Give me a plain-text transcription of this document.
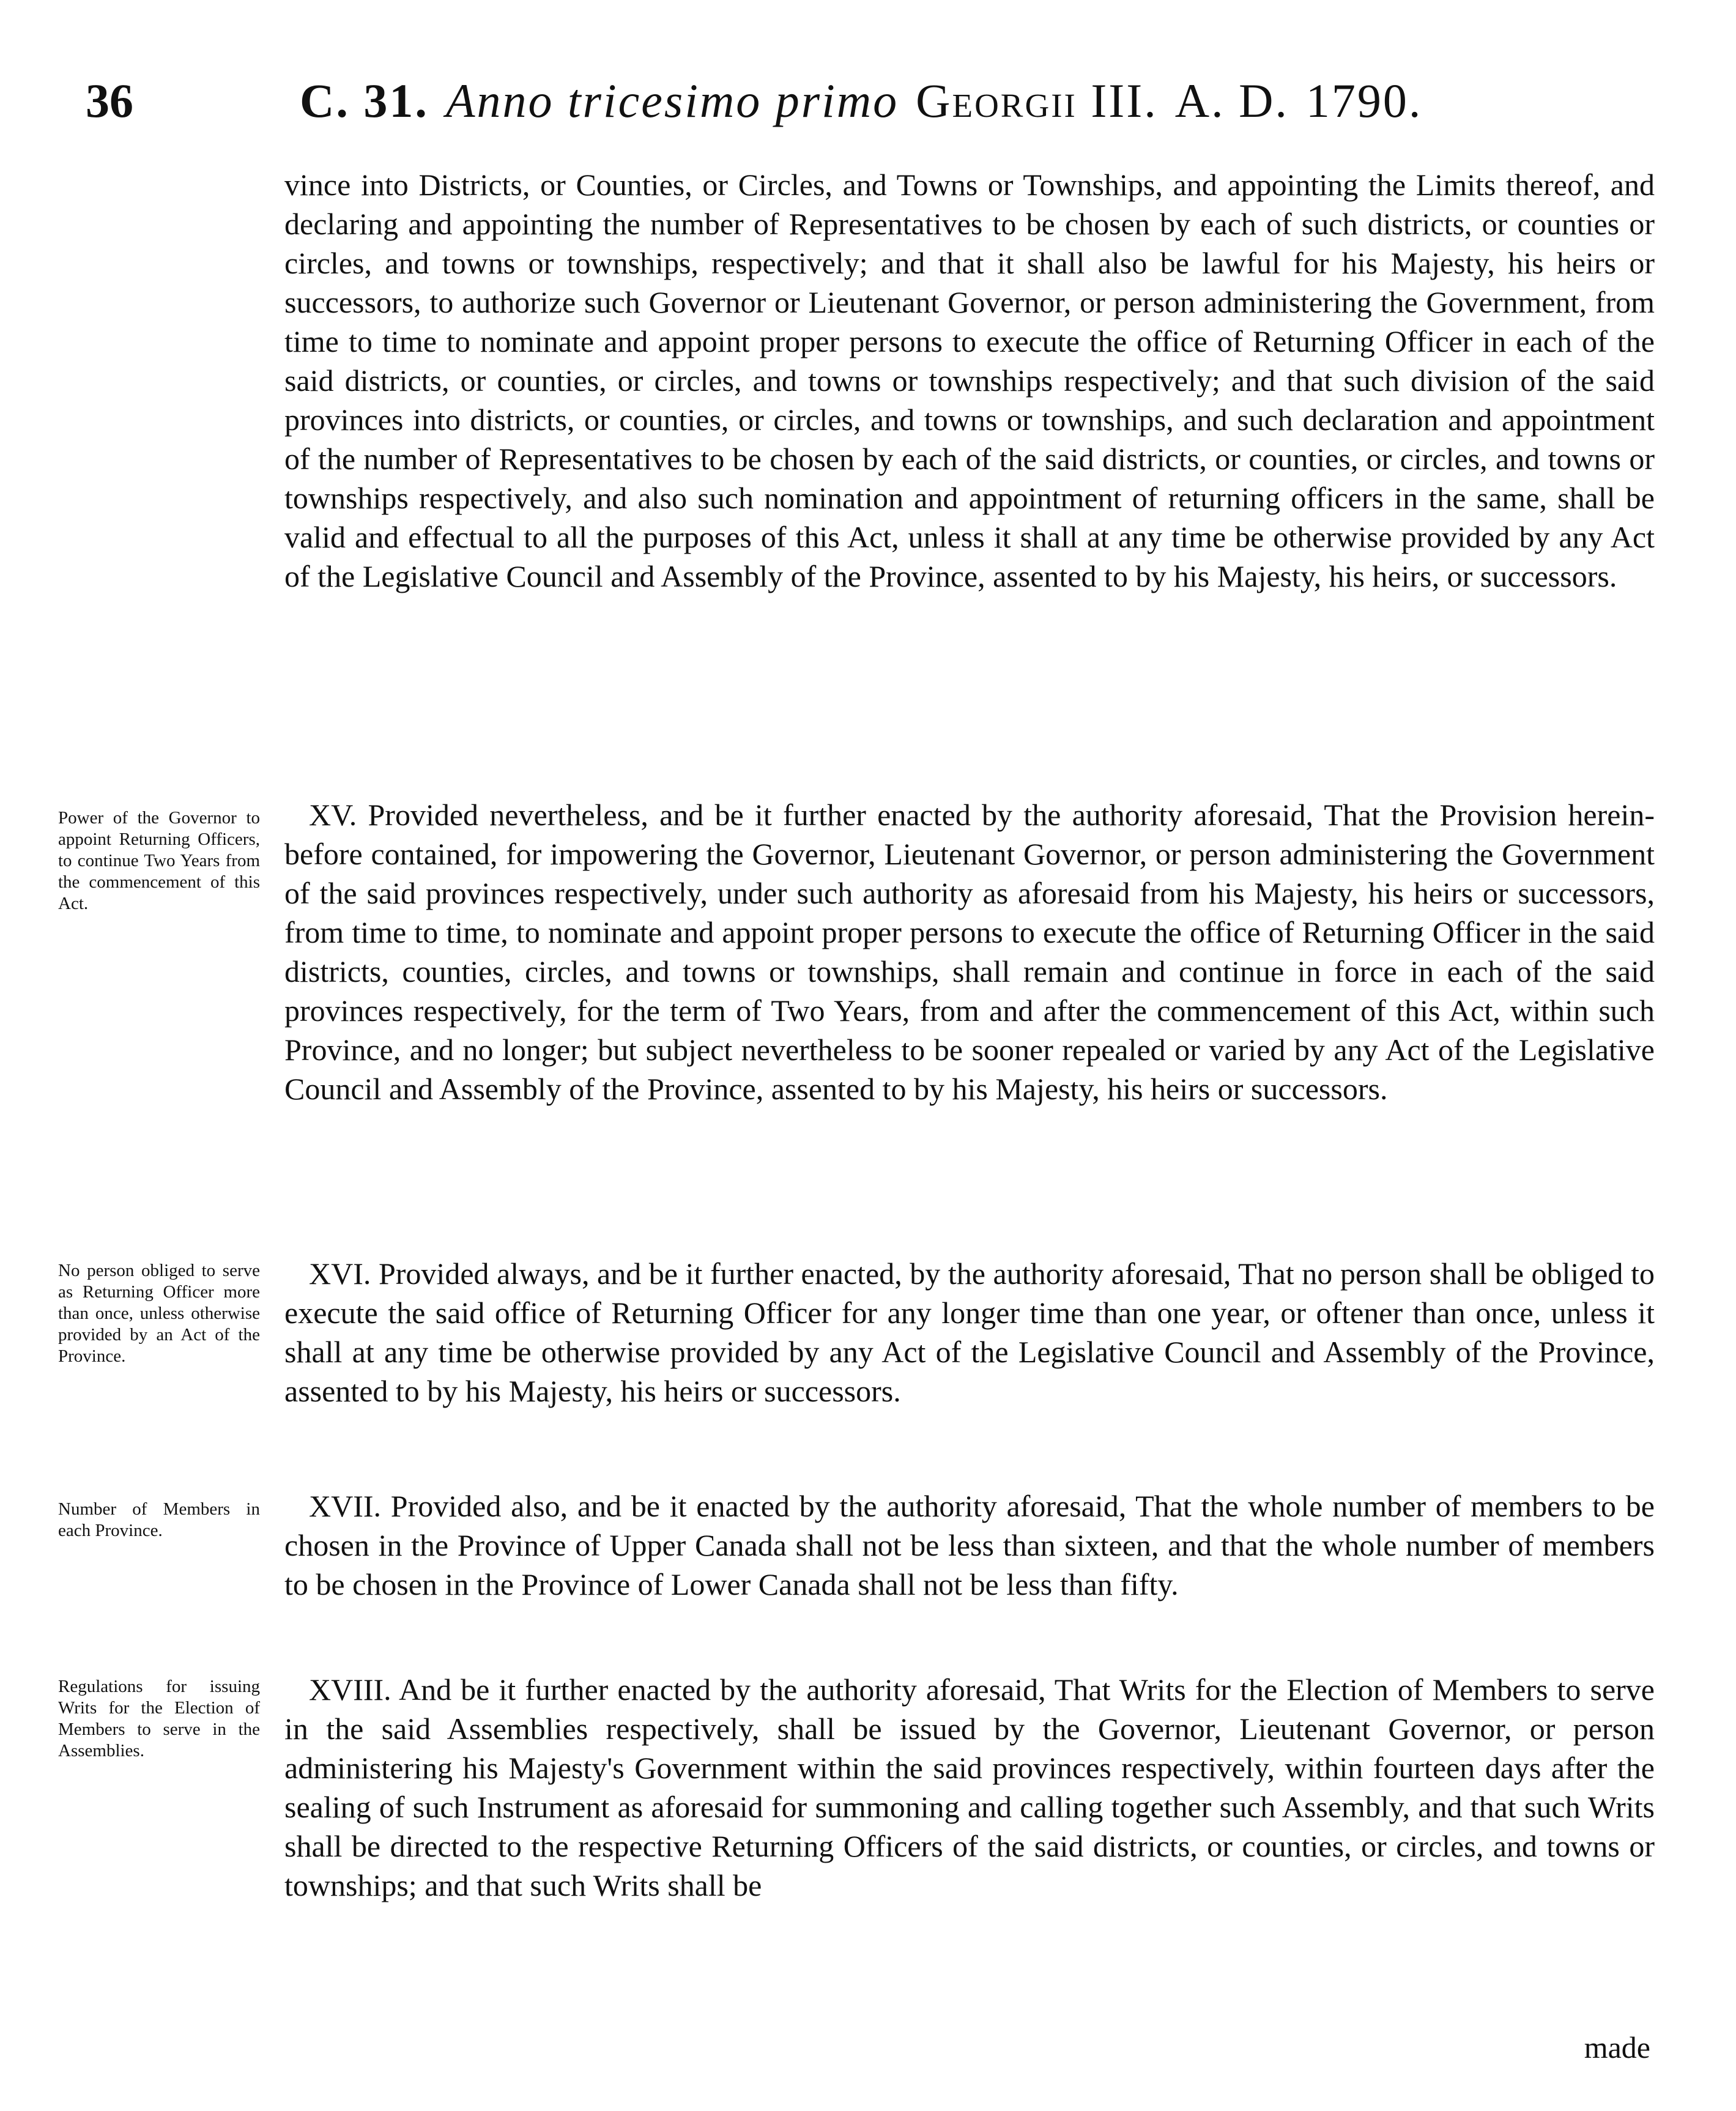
36	C. 31. Anno tricesimo primo Georgii III. A. D. 1790.

vince into Districts, or Counties, or Circles, and Towns or Townships, and appointing the Limits thereof, and declaring and appointing the number of Representatives to be chosen by each of such districts, or counties or circles, and towns or townships, respectively; and that it shall also be lawful for his Majesty, his heirs or successors, to authorize such Governor or Lieutenant Governor, or person administering the Government, from time to time to nominate and appoint proper persons to execute the office of Returning Officer in each of the said districts, or counties, or circles, and towns or townships respectively; and that such division of the said provinces into districts, or counties, or circles, and towns or townships, and such declaration and appointment of the number of Representatives to be chosen by each of the said districts, or counties, or circles, and towns or townships respectively, and also such nomination and appointment of returning officers in the same, shall be valid and effectual to all the purposes of this Act, unless it shall at any time be otherwise provided by any Act of the Legislative Council and Assembly of the Province, assented to by his Majesty, his heirs, or successors.

Power of the Governor to appoint Returning Officers, to continue Two Years from the commencement of this Act.

XV. Provided nevertheless, and be it further enacted by the authority aforesaid, That the Provision herein-before contained, for impowering the Governor, Lieutenant Governor, or person administering the Government of the said provinces respectively, under such authority as aforesaid from his Majesty, his heirs or successors, from time to time, to nominate and appoint proper persons to execute the office of Returning Officer in the said districts, counties, circles, and towns or townships, shall remain and continue in force in each of the said provinces respectively, for the term of Two Years, from and after the commencement of this Act, within such Province, and no longer; but subject nevertheless to be sooner repealed or varied by any Act of the Legislative Council and Assembly of the Province, assented to by his Majesty, his heirs or successors.

No person obliged to serve as Returning Officer more than once, unless otherwise provided by an Act of the Province.

XVI. Provided always, and be it further enacted, by the authority aforesaid, That no person shall be obliged to execute the said office of Returning Officer for any longer time than one year, or oftener than once, unless it shall at any time be otherwise provided by any Act of the Legislative Council and Assembly of the Province, assented to by his Majesty, his heirs or successors.

Number of Members in each Province.

XVII. Provided also, and be it enacted by the authority aforesaid, That the whole number of members to be chosen in the Province of Upper Canada shall not be less than sixteen, and that the whole number of members to be chosen in the Province of Lower Canada shall not be less than fifty.

Regulations for issuing Writs for the Election of Members to serve in the Assemblies.

XVIII. And be it further enacted by the authority aforesaid, That Writs for the Election of Members to serve in the said Assemblies respectively, shall be issued by the Governor, Lieutenant Governor, or person administering his Majesty's Government within the said provinces respectively, within fourteen days after the sealing of such Instrument as aforesaid for summoning and calling together such Assembly, and that such Writs shall be directed to the respective Returning Officers of the said districts, or counties, or circles, and towns or townships; and that such Writs shall be

made
